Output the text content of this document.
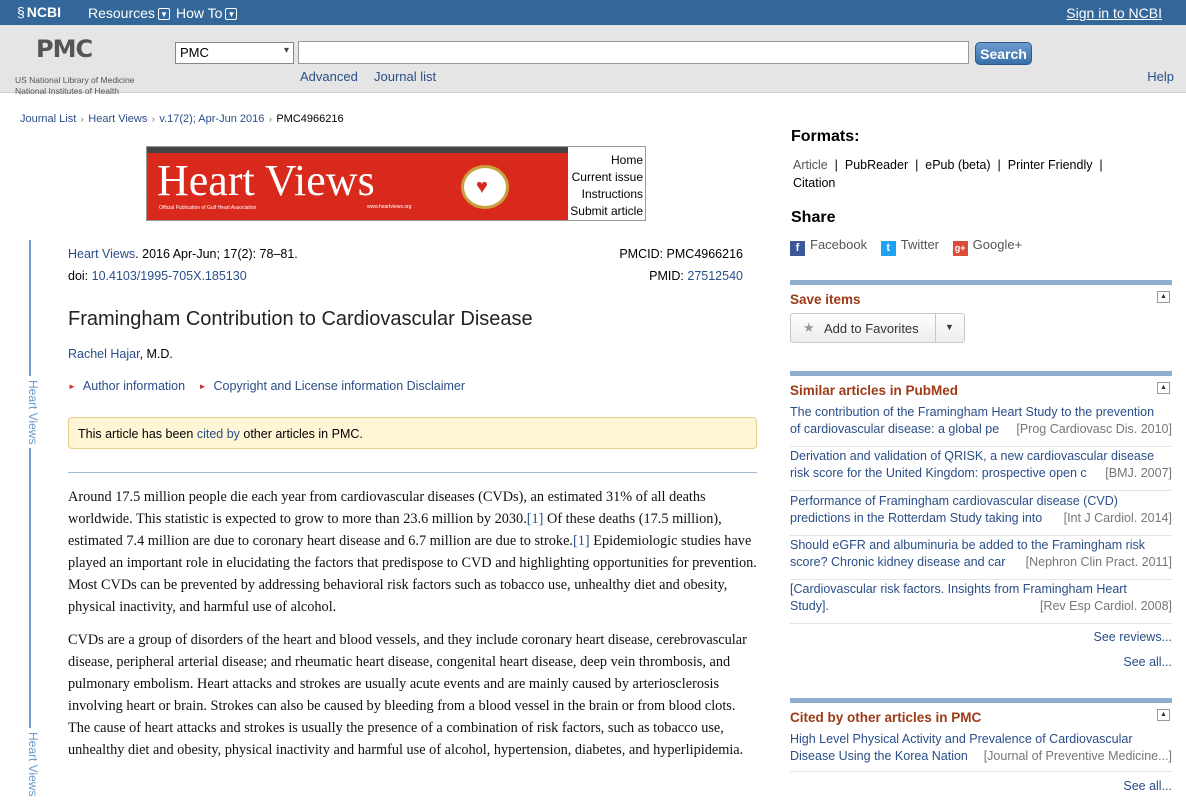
§ NCBI Resources ▼ How To ▼	Sign in to NCBI
PMC
US National Library of Medicine
National Institutes of Health
PMC	▾	Search
Advanced Journal list	Help
Journal List › Heart Views › v.17(2); Apr-Jun 2016 › PMC4966216
Heart Views
Official Publication of Gulf Heart Association	www.heartviews.org
♥
Home
Current issue
Instructions
Submit article
Heart Views
Heart Views
Heart Views. 2016 Apr-Jun; 17(2): 78–81.
doi: 10.4103/1995-705X.185130
PMCID: PMC4966216
PMID: 27512540
Framingham Contribution to Cardiovascular Disease
Rachel Hajar, M.D.
► Author information ► Copyright and License information Disclaimer
This article has been cited by other articles in PMC.
Around 17.5 million people die each year from cardiovascular diseases (CVDs), an estimated 31% of all deaths worldwide. This statistic is expected to grow to more than 23.6 million by 2030.[1] Of these deaths (17.5 million), estimated 7.4 million are due to coronary heart disease and 6.7 million are due to stroke.[1] Epidemiologic studies have played an important role in elucidating the factors that predispose to CVD and highlighting opportunities for prevention. Most CVDs can be prevented by addressing behavioral risk factors such as tobacco use, unhealthy diet and obesity, physical inactivity, and harmful use of alcohol.
CVDs are a group of disorders of the heart and blood vessels, and they include coronary heart disease, cerebrovascular disease, peripheral arterial disease; and rheumatic heart disease, congenital heart disease, deep vein thrombosis, and pulmonary embolism. Heart attacks and strokes are usually acute events and are mainly caused by arteriosclerosis involving heart or brain. Strokes can also be caused by bleeding from a blood vessel in the brain or from blood clots. The cause of heart attacks and strokes is usually the presence of a combination of risk factors, such as tobacco use, unhealthy diet and obesity, physical inactivity and harmful use of alcohol, hypertension, diabetes, and hyperlipidemia.
Formats:
Article  |  PubReader  |  ePub (beta)  |  Printer Friendly  |
Citation
Share
f Facebook t Twitter g+ Google+
Save items	▲
★ Add to Favorites	▼
Similar articles in PubMed	▲
The contribution of the Framingham Heart Study to the prevention
[Prog Cardiovasc Dis. 2010]
of cardiovascular disease: a global pe
Derivation and validation of QRISK, a new cardiovascular disease
[BMJ. 2007]
risk score for the United Kingdom: prospective open c
Performance of Framingham cardiovascular disease (CVD)
[Int J Cardiol. 2014]
predictions in the Rotterdam Study taking into
Should eGFR and albuminuria be added to the Framingham risk
[Nephron Clin Pract. 2011]
score? Chronic kidney disease and car
[Cardiovascular risk factors. Insights from Framingham Heart
[Rev Esp Cardiol. 2008]
Study].
See reviews...
See all...
Cited by other articles in PMC	▲
High Level Physical Activity and Prevalence of Cardiovascular
[Journal of Preventive Medicine...]
Disease Using the Korea Nation
See all...
